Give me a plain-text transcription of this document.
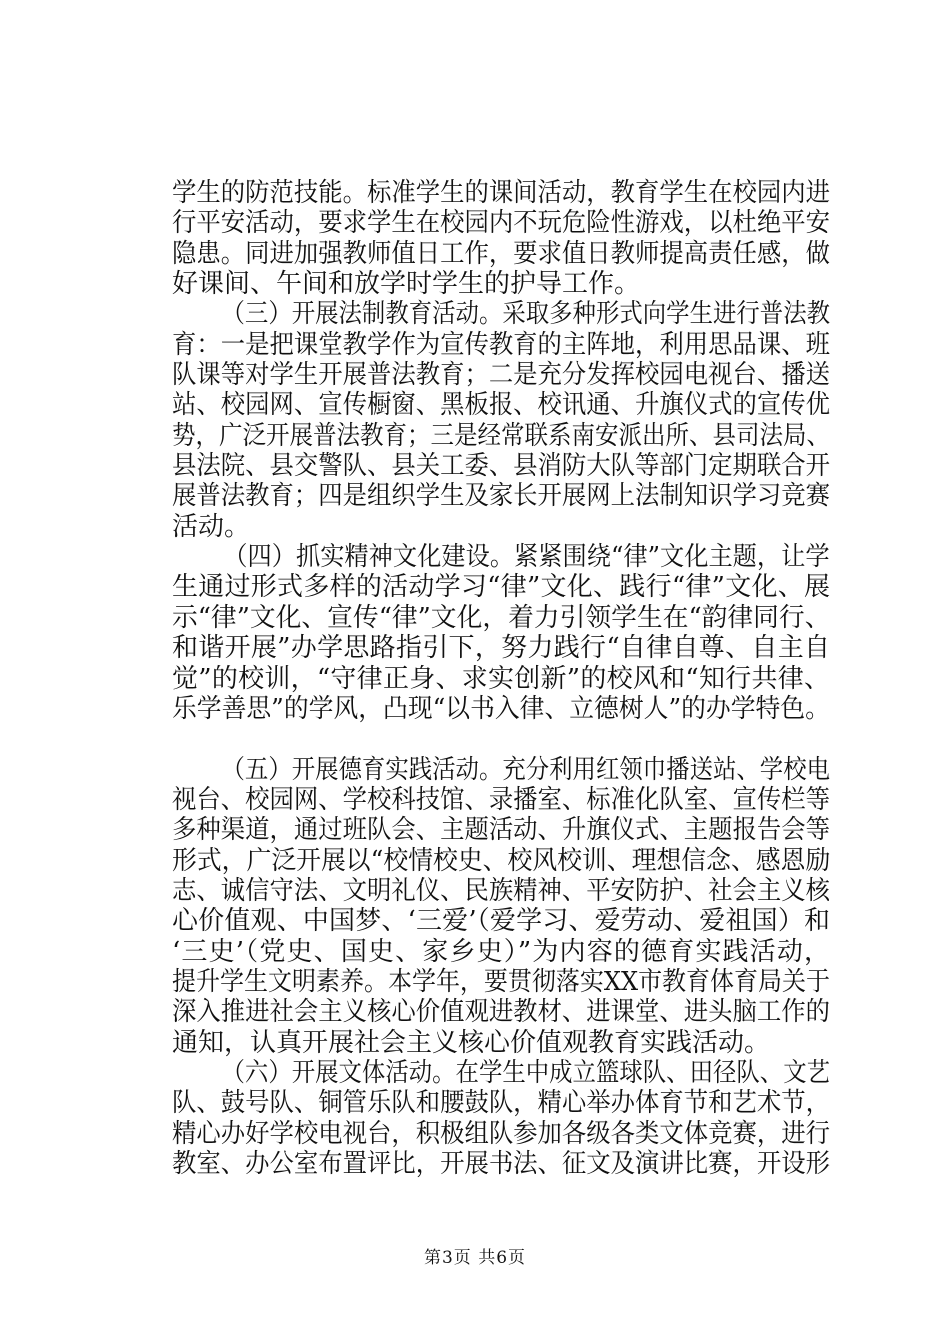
学生的防范技能。标准学生的课间活动，教育学生在校园内进
行平安活动，要求学生在校园内不玩危险性游戏，以杜绝平安
隐患。同进加强教师值日工作，要求值日教师提高责任感，做
好课间、午间和放学时学生的护导工作。
（三）开展法制教育活动。采取多种形式向学生进行普法教
育：一是把课堂教学作为宣传教育的主阵地，利用思品课、班
队课等对学生开展普法教育；二是充分发挥校园电视台、播送
站、校园网、宣传橱窗、黑板报、校讯通、升旗仪式的宣传优
势，广泛开展普法教育；三是经常联系南安派出所、县司法局、
县法院、县交警队、县关工委、县消防大队等部门定期联合开
展普法教育；四是组织学生及家长开展网上法制知识学习竞赛
活动。
（四）抓实精神文化建设。紧紧围绕“律”文化主题，让学
生通过形式多样的活动学习“律”文化、践行“律”文化、展
示“律”文化、宣传“律”文化，着力引领学生在“韵律同行、
和谐开展”办学思路指引下，努力践行“自律自尊、自主自
觉”的校训，“守律正身、求实创新”的校风和“知行共律、
乐学善思”的学风，凸现“以书入律、立德树人”的办学特色。
（五）开展德育实践活动。充分利用红领巾播送站、学校电
视台、校园网、学校科技馆、录播室、标准化队室、宣传栏等
多种渠道，通过班队会、主题活动、升旗仪式、主题报告会等
形式，广泛开展以“校情校史、校风校训、理想信念、感恩励
志、诚信守法、文明礼仪、民族精神、平安防护、社会主义核
心价值观、中国梦、‘三爱’（爱学习、爱劳动、爱祖国）和
‘三史’（党史、国史、家乡史）”为内容的德育实践活动，
提升学生文明素养。本学年，要贯彻落实XX市教育体育局关于
深入推进社会主义核心价值观进教材、进课堂、进头脑工作的
通知，认真开展社会主义核心价值观教育实践活动。
（六）开展文体活动。在学生中成立篮球队、田径队、文艺
队、鼓号队、铜管乐队和腰鼓队，精心举办体育节和艺术节，
精心办好学校电视台，积极组队参加各级各类文体竞赛，进行
教室、办公室布置评比，开展书法、征文及演讲比赛，开设形
第3页 共6页
